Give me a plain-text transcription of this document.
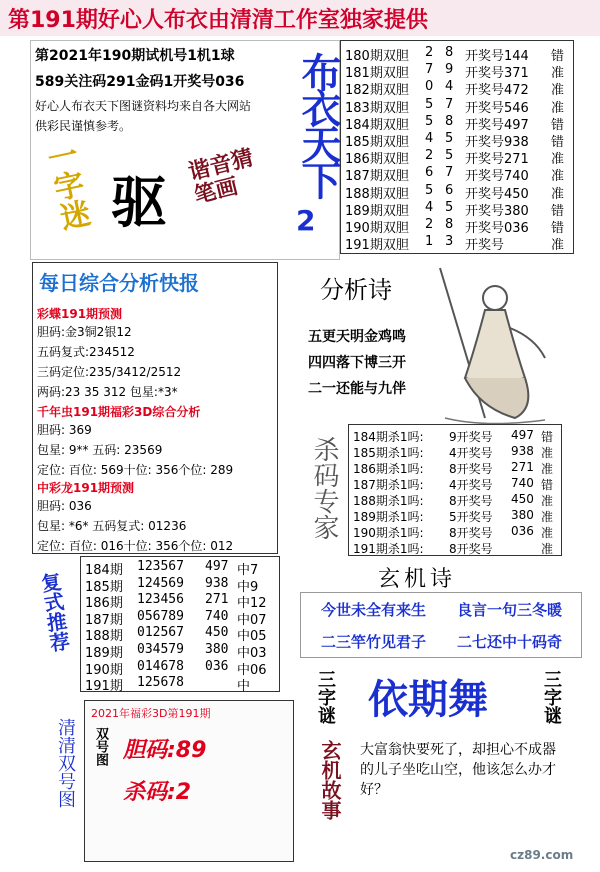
第191期好心人布衣由清清工作室独家提供
第2021年190期试机号1机1球
589关注码291金码1开奖号036
好心人布衣天下图谜资料均来自各大网站
供彩民谨慎参考。
一字迷 驱
谐音猜笔画	布衣天下
2
180期双胆 2 8 开奖号144 错
181期双胆 7 9 开奖号371 准
182期双胆 0 4 开奖号472 准
183期双胆 5 7 开奖号546 准
184期双胆 5 8 开奖号497 错
185期双胆 4 5 开奖号938 错
186期双胆 2 5 开奖号271 准
187期双胆 6 7 开奖号740 准
188期双胆 5 6 开奖号450 准
189期双胆 4 5 开奖号380 错
190期双胆 2 8 开奖号036 错
191期双胆 1 3 开奖号	准
每日综合分析快报
彩蝶191期预测
胆码:金3铜2银12
五码复式:234512
三码定位:235/3412/2512
两码:23 35 312 包星:*3*
千年虫191期福彩3D综合分析
胆码: 369
包星: 9** 五码: 23569
定位: 百位: 569十位: 356个位: 289
中彩龙191期预测
胆码: 036
包星: *6* 五码复式: 01236
定位: 百位: 016十位: 356个位: 012
分析诗
五更天明金鸡鸣
四四落下博三开
二一还能与九伴
杀码专家	184期杀1吗: 9开奖号 497 错
185期杀1吗: 4开奖号 938 准
186期杀1吗: 8开奖号 271 准
187期杀1吗: 4开奖号 740 错
188期杀1吗: 8开奖号 450 准
189期杀1吗: 5开奖号 380 准
190期杀1吗: 8开奖号 036 准
191期杀1吗: 8开奖号	准
复式推荐
184期 123567 497 中7
185期 124569 938 中9
186期 123456 271 中12
187期 056789 740 中07
188期 012567 450 中05
189期 034579 380 中03
190期 014678 036 中06
191期 125678	中
玄机诗
今世未全有来生 良言一句三冬暖
二三竿竹见君子 二七还中十码奇
cz89.com
清清双号图
2021年福彩3D第191期
双号图 胆码:89
杀码:2
三字谜 依期舞	三字谜
玄机故事 大富翁快要死了，却担心不成器的儿子坐吃山空，他该怎么办才好？
